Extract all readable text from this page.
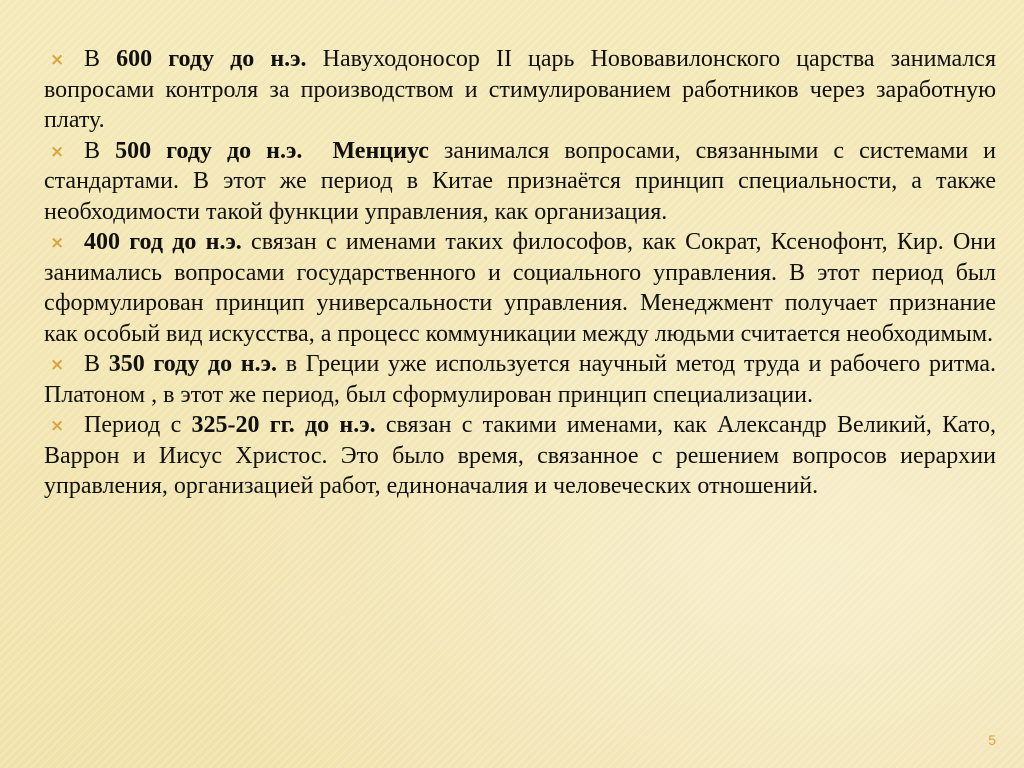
× В 600 году до н.э. Навуходоносор II царь Нововавилонского царства занимался вопросами контроля за производством и стимулированием работников через заработную плату.

× В 500 году до н.э. Менциус занимался вопросами, связанными с системами и стандартами. В этот же период в Китае признаётся принцип специальности, а также необходимости такой функции управления, как организация.

× 400 год до н.э. связан с именами таких философов, как Сократ, Ксенофонт, Кир. Они занимались вопросами государственного и социального управления. В этот период был сформулирован принцип универсальности управления. Менеджмент получает признание как особый вид искусства, а процесс коммуникации между людьми считается необходимым.

× В 350 году до н.э. в Греции уже используется научный метод труда и рабочего ритма. Платоном , в этот же период, был сформулирован принцип специализации.

× Период с 325-20 гг. до н.э. связан с такими именами, как Александр Великий, Като, Варрон и Иисус Христос. Это было время, связанное с решением вопросов иерархии управления, организацией работ, единоначалия и человеческих отношений.

5
